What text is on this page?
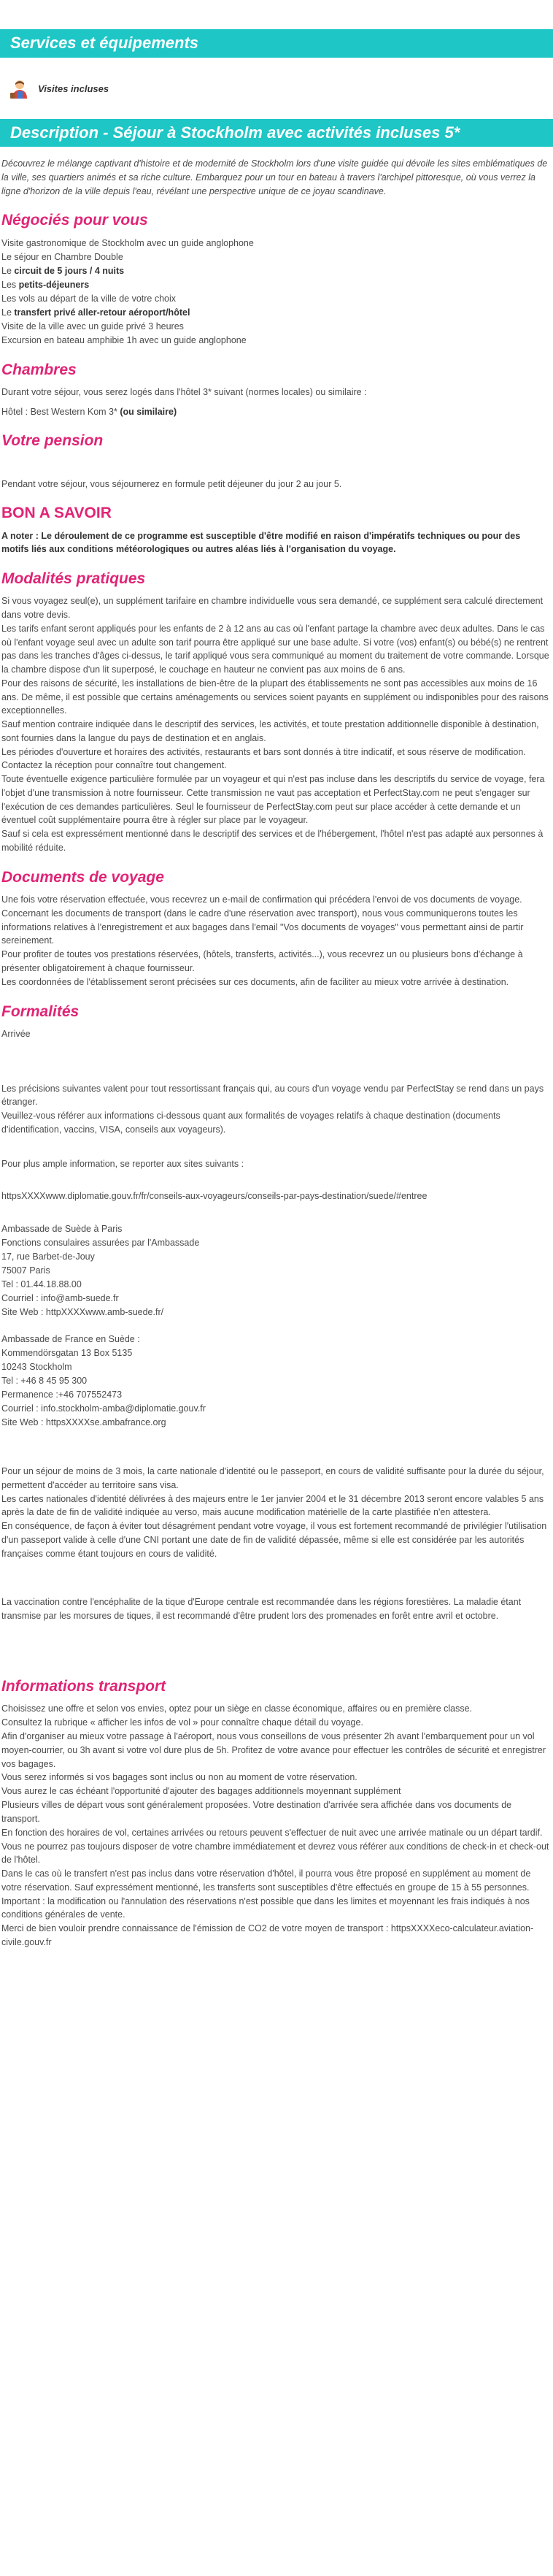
Services et équipements
Visites incluses
Description - Séjour à Stockholm avec activités incluses 5*

Découvrez le mélange captivant d'histoire et de modernité de Stockholm lors d'une visite guidée qui dévoile les sites emblématiques de la ville, ses quartiers animés et sa riche culture. Embarquez pour un tour en bateau à travers l'archipel pittoresque, où vous verrez la ligne d'horizon de la ville depuis l'eau, révélant une perspective unique de ce joyau scandinave.

Négociés pour vous
Visite gastronomique de Stockholm avec un guide anglophone
Le séjour en Chambre Double
Le circuit de 5 jours / 4 nuits
Les petits-déjeuners
Les vols au départ de la ville de votre choix
Le transfert privé aller-retour aéroport/hôtel
Visite de la ville avec un guide privé 3 heures
Excursion en bateau amphibie 1h avec un guide anglophone
Chambres

Durant votre séjour, vous serez logés dans l'hôtel 3* suivant (normes locales) ou similaire :

Hôtel : Best Western Kom 3* (ou similaire)

Votre pension

Pendant votre séjour, vous séjournerez en formule petit déjeuner du jour 2 au jour 5.

BON A SAVOIR

A noter : Le déroulement de ce programme est susceptible d'être modifié en raison d'impératifs techniques ou pour des motifs liés aux conditions météorologiques ou autres aléas liés à l'organisation du voyage.

Modalités pratiques
Si vous voyagez seul(e), un supplément tarifaire en chambre individuelle vous sera demandé, ce supplément sera calculé directement dans votre devis.
Les tarifs enfant seront appliqués pour les enfants de 2 à 12 ans au cas où l'enfant partage la chambre avec deux adultes. Dans le cas où l'enfant voyage seul avec un adulte son tarif pourra être appliqué sur une base adulte. Si votre (vos) enfant(s) ou bébé(s) ne rentrent pas dans les tranches d'âges ci-dessus, le tarif appliqué vous sera communiqué au moment du traitement de votre commande. Lorsque la chambre dispose d'un lit superposé, le couchage en hauteur ne convient pas aux moins de 6 ans.
Pour des raisons de sécurité, les installations de bien-être de la plupart des établissements ne sont pas accessibles aux moins de 16 ans. De même, il est possible que certains aménagements ou services soient payants en supplément ou indisponibles pour des raisons exceptionnelles.
Sauf mention contraire indiquée dans le descriptif des services, les activités, et toute prestation additionnelle disponible à destination, sont fournies dans la langue du pays de destination et en anglais.
Les périodes d'ouverture et horaires des activités, restaurants et bars sont donnés à titre indicatif, et sous réserve de modification. Contactez la réception pour connaître tout changement.
Toute éventuelle exigence particulière formulée par un voyageur et qui n'est pas incluse dans les descriptifs du service de voyage, fera l'objet d'une transmission à notre fournisseur. Cette transmission ne vaut pas acceptation et PerfectStay.com ne peut s'engager sur l'exécution de ces demandes particulières. Seul le fournisseur de PerfectStay.com peut sur place accéder à cette demande et un éventuel coût supplémentaire pourra être à régler sur place par le voyageur.
Sauf si cela est expressément mentionné dans le descriptif des services et de l'hébergement, l'hôtel n'est pas adapté aux personnes à mobilité réduite.
Documents de voyage
Une fois votre réservation effectuée, vous recevrez un e-mail de confirmation qui précédera l'envoi de vos documents de voyage.
Concernant les documents de transport (dans le cadre d'une réservation avec transport), nous vous communiquerons toutes les informations relatives à l'enregistrement et aux bagages dans l'email "Vos documents de voyages" vous permettant ainsi de partir sereinement.
Pour profiter de toutes vos prestations réservées, (hôtels, transferts, activités...), vous recevrez un ou plusieurs bons d'échange à présenter obligatoirement à chaque fournisseur.
Les coordonnées de l'établissement seront précisées sur ces documents, afin de faciliter au mieux votre arrivée à destination.
Formalités

Arrivée

Les précisions suivantes valent pour tout ressortissant français qui, au cours d'un voyage vendu par PerfectStay se rend dans un pays étranger.
Veuillez-vous référer aux informations ci-dessous quant aux formalités de voyages relatifs à chaque destination (documents d'identification, vaccins, VISA, conseils aux voyageurs).

Pour plus ample information, se reporter aux sites suivants :

httpsXXXXwww.diplomatie.gouv.fr/fr/conseils-aux-voyageurs/conseils-par-pays-destination/suede/#entree

Ambassade de Suède à Paris
Fonctions consulaires assurées par l'Ambassade
17, rue Barbet-de-Jouy
75007 Paris
Tel : 01.44.18.88.00
Courriel : info@amb-suede.fr
Site Web : httpXXXXwww.amb-suede.fr/
Ambassade de France en Suède :
Kommendörsgatan 13 Box 5135
10243 Stockholm
Tel : +46 8 45 95 300
Permanence :+46 707552473
Courriel : info.stockholm-amba@diplomatie.gouv.fr
Site Web : httpsXXXXse.ambafrance.org
Pour un séjour de moins de 3 mois, la carte nationale d'identité ou le passeport, en cours de validité suffisante pour la durée du séjour, permettent d'accéder au territoire sans visa.
Les cartes nationales d'identité délivrées à des majeurs entre le 1er janvier 2004 et le 31 décembre 2013 seront encore valables 5 ans après la date de fin de validité indiquée au verso, mais aucune modification matérielle de la carte plastifiée n'en attestera.
En conséquence, de façon à éviter tout désagrément pendant votre voyage, il vous est fortement recommandé de privilégier l'utilisation d'un passeport valide à celle d'une CNI portant une date de fin de validité dépassée, même si elle est considérée par les autorités françaises comme étant toujours en cours de validité.

La vaccination contre l'encéphalite de la tique d'Europe centrale est recommandée dans les régions forestières. La maladie étant transmise par les morsures de tiques, il est recommandé d'être prudent lors des promenades en forêt entre avril et octobre.

Informations transport
Choisissez une offre et selon vos envies, optez pour un siège en classe économique, affaires ou en première classe.
Consultez la rubrique « afficher les infos de vol » pour connaître chaque détail du voyage.
Afin d'organiser au mieux votre passage à l'aéroport, nous vous conseillons de vous présenter 2h avant l'embarquement pour un vol moyen-courrier, ou 3h avant si votre vol dure plus de 5h. Profitez de votre avance pour effectuer les contrôles de sécurité et enregistrer vos bagages.
Vous serez informés si vos bagages sont inclus ou non au moment de votre réservation.
Vous aurez le cas échéant l'opportunité d'ajouter des bagages additionnels moyennant supplément
Plusieurs villes de départ vous sont généralement proposées. Votre destination d'arrivée sera affichée dans vos documents de transport.
En fonction des horaires de vol, certaines arrivées ou retours peuvent s'effectuer de nuit avec une arrivée matinale ou un départ tardif. Vous ne pourrez pas toujours disposer de votre chambre immédiatement et devrez vous référer aux conditions de check-in et check-out de l'hôtel.
Dans le cas où le transfert n'est pas inclus dans votre réservation d'hôtel, il pourra vous être proposé en supplément au moment de votre réservation. Sauf expressément mentionné, les transferts sont susceptibles d'être effectués en groupe de 15 à 55 personnes.
Important : la modification ou l'annulation des réservations n'est possible que dans les limites et moyennant les frais indiqués à nos conditions générales de vente.
Merci de bien vouloir prendre connaissance de l'émission de CO2 de votre moyen de transport : httpsXXXXeco-calculateur.aviation-civile.gouv.fr
